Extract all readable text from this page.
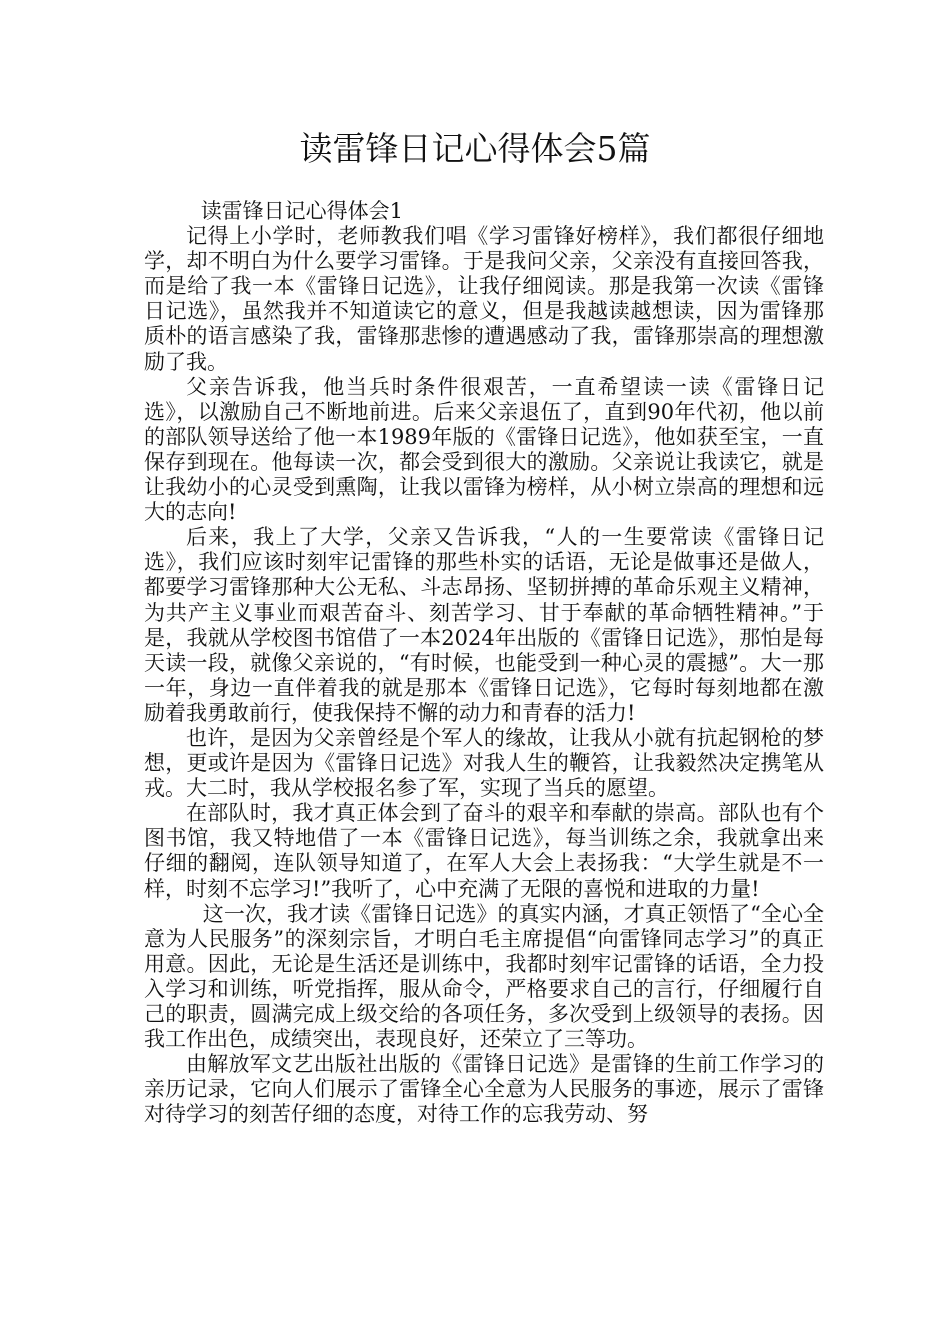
读雷锋日记心得体会5篇

读雷锋日记心得体会1

记得上小学时，老师教我们唱《学习雷锋好榜样》，我们都很仔细地学，却不明白为什么要学习雷锋。于是我问父亲，父亲没有直接回答我，而是给了我一本《雷锋日记选》，让我仔细阅读。那是我第一次读《雷锋日记选》，虽然我并不知道读它的意义，但是我越读越想读，因为雷锋那质朴的语言感染了我，雷锋那悲惨的遭遇感动了我，雷锋那崇高的理想激励了我。

父亲告诉我，他当兵时条件很艰苦，一直希望读一读《雷锋日记选》，以激励自己不断地前进。后来父亲退伍了，直到90年代初，他以前的部队领导送给了他一本1989年版的《雷锋日记选》，他如获至宝，一直保存到现在。他每读一次，都会受到很大的激励。父亲说让我读它，就是让我幼小的心灵受到熏陶，让我以雷锋为榜样，从小树立崇高的理想和远大的志向!

后来，我上了大学，父亲又告诉我，“人的一生要常读《雷锋日记选》，我们应该时刻牢记雷锋的那些朴实的话语，无论是做事还是做人，都要学习雷锋那种大公无私、斗志昂扬、坚韧拼搏的革命乐观主义精神，为共产主义事业而艰苦奋斗、刻苦学习、甘于奉献的革命牺牲精神。”于是，我就从学校图书馆借了一本2024年出版的《雷锋日记选》，那怕是每天读一段，就像父亲说的，“有时候，也能受到一种心灵的震撼”。大一那一年，身边一直伴着我的就是那本《雷锋日记选》，它每时每刻地都在激励着我勇敢前行，使我保持不懈的动力和青春的活力!

也许，是因为父亲曾经是个军人的缘故，让我从小就有抗起钢枪的梦想，更或许是因为《雷锋日记选》对我人生的鞭笞，让我毅然决定携笔从戎。大二时，我从学校报名参了军，实现了当兵的愿望。

在部队时，我才真正体会到了奋斗的艰辛和奉献的崇高。部队也有个图书馆，我又特地借了一本《雷锋日记选》，每当训练之余，我就拿出来仔细的翻阅，连队领导知道了，在军人大会上表扬我：“大学生就是不一样，时刻不忘学习!”我听了，心中充满了无限的喜悦和进取的力量!

这一次，我才读《雷锋日记选》的真实内涵，才真正领悟了“全心全意为人民服务”的深刻宗旨，才明白毛主席提倡“向雷锋同志学习”的真正用意。因此，无论是生活还是训练中，我都时刻牢记雷锋的话语，全力投入学习和训练，听党指挥，服从命令，严格要求自己的言行，仔细履行自己的职责，圆满完成上级交给的各项任务，多次受到上级领导的表扬。因我工作出色，成绩突出，表现良好，还荣立了三等功。

由解放军文艺出版社出版的《雷锋日记选》是雷锋的生前工作学习的亲历记录，它向人们展示了雷锋全心全意为人民服务的事迹，展示了雷锋对待学习的刻苦仔细的态度，对待工作的忘我劳动、努
